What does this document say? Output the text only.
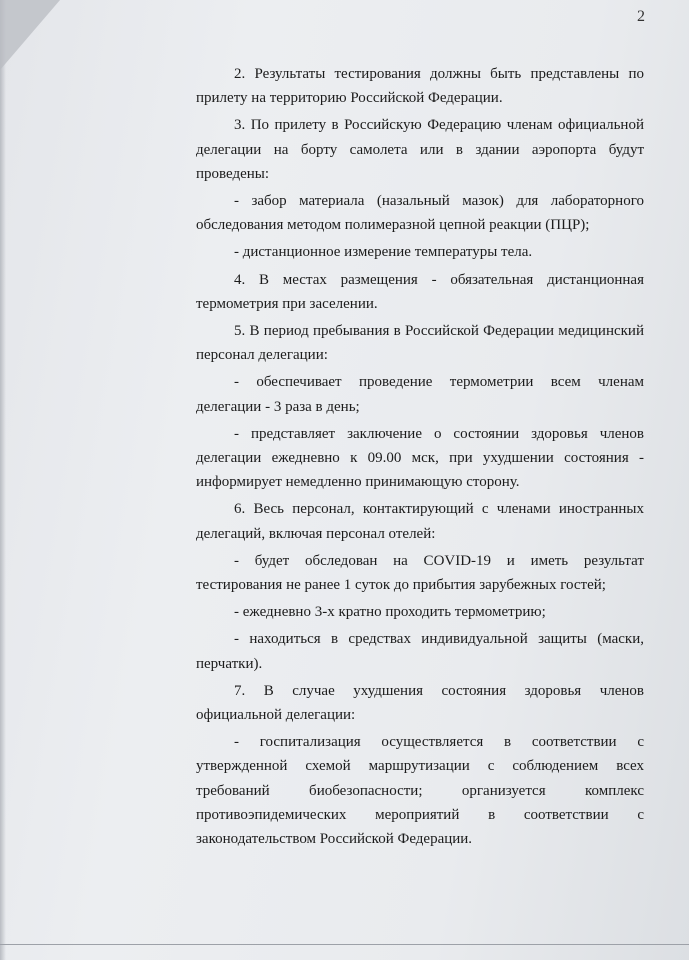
2

2. Результаты тестирования должны быть представлены по прилету на территорию Российской Федерации.

3. По прилету в Российскую Федерацию членам официальной делегации на борту самолета или в здании аэропорта будут проведены:

- забор материала (назальный мазок) для лабораторного обследования методом полимеразной цепной реакции (ПЦР);

- дистанционное измерение температуры тела.

4. В местах размещения - обязательная дистанционная термометрия при заселении.

5. В период пребывания в Российской Федерации медицинский персонал делегации:

- обеспечивает проведение термометрии всем членам делегации - 3 раза в день;

- представляет заключение о состоянии здоровья членов делегации ежедневно к 09.00 мск, при ухудшении состояния - информирует немедленно принимающую сторону.

6. Весь персонал, контактирующий с членами иностранных делегаций, включая персонал отелей:

- будет обследован на COVID-19 и иметь результат тестирования не ранее 1 суток до прибытия зарубежных гостей;

- ежедневно 3-х кратно проходить термометрию;

- находиться в средствах индивидуальной защиты (маски, перчатки).

7. В случае ухудшения состояния здоровья членов официальной делегации:

- госпитализация осуществляется в соответствии с утвержденной схемой маршрутизации с соблюдением всех требований биобезопасности; организуется комплекс противоэпидемических мероприятий в соответствии с законодательством Российской Федерации.
